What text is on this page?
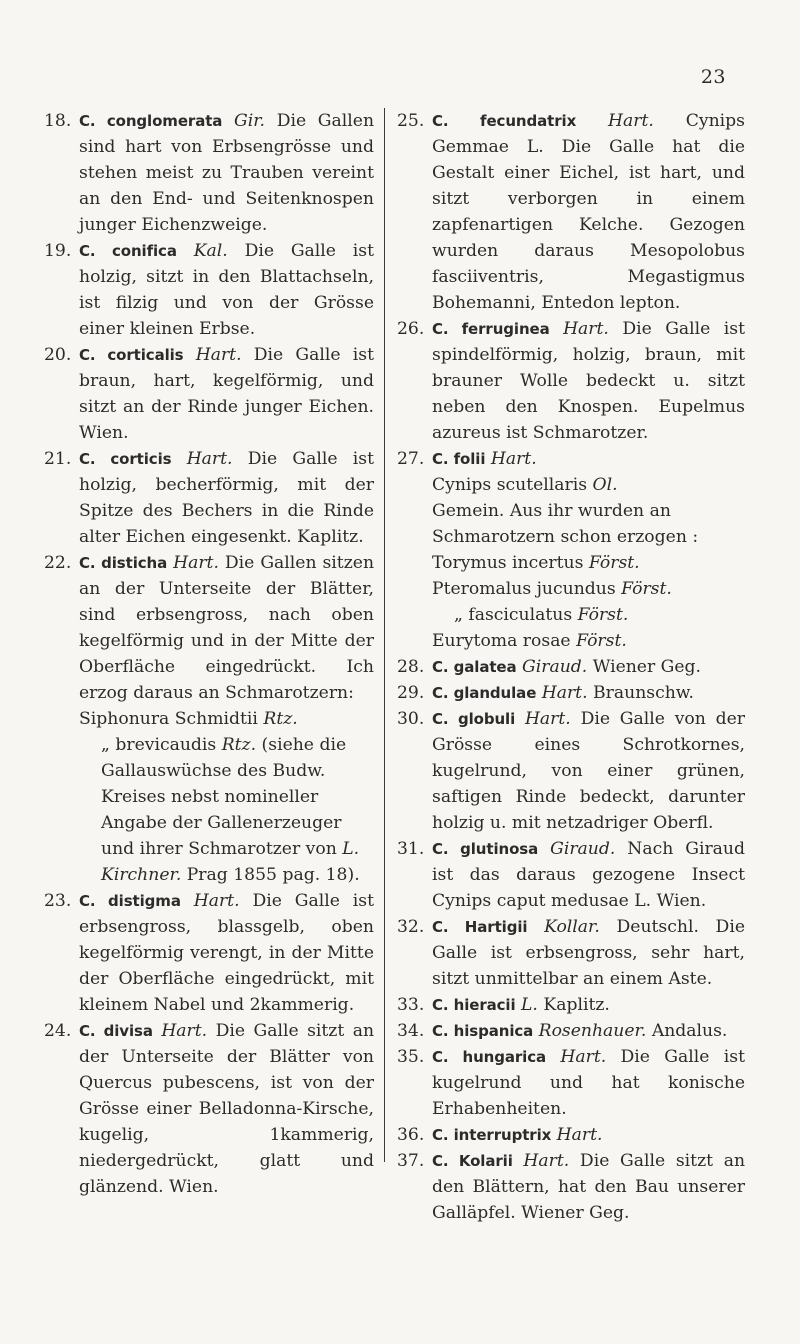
23

18. C. conglomerata Gir. Die Gallen sind hart von Erbsengrösse und stehen meist zu Trauben vereint an den End- und Seitenknospen junger Eichenzweige.

19. C. conifica Kal. Die Galle ist holzig, sitzt in den Blattachseln, ist filzig und von der Grösse einer kleinen Erbse.

20. C. corticalis Hart. Die Galle ist braun, hart, kegelförmig, und sitzt an der Rinde junger Eichen. Wien.

21. C. corticis Hart. Die Galle ist holzig, becherförmig, mit der Spitze des Bechers in die Rinde alter Eichen eingesenkt. Kaplitz.

22. C. disticha Hart. Die Gallen sitzen an der Unterseite der Blätter, sind erbsengross, nach oben kegelförmig und in der Mitte der Oberfläche eingedrückt. Ich erzog daraus an Schmarotzern:
Siphonura Schmidtii Rtz.
„ brevicaudis Rtz. (siehe die Gallauswüchse des Budw. Kreises nebst nomineller Angabe der Gallenerzeuger und ihrer Schmarotzer von L. Kirchner. Prag 1855 pag. 18).

23. C. distigma Hart. Die Galle ist erbsengross, blassgelb, oben kegelförmig verengt, in der Mitte der Oberfläche eingedrückt, mit kleinem Nabel und 2kammerig.

24. C. divisa Hart. Die Galle sitzt an der Unterseite der Blätter von Quercus pubescens, ist von der Grösse einer Belladonna-Kirsche, kugelig, 1kammerig, niedergedrückt, glatt und glänzend. Wien.

25. C. fecundatrix Hart. Cynips Gemmae L. Die Galle hat die Gestalt einer Eichel, ist hart, und sitzt verborgen in einem zapfenartigen Kelche. Gezogen wurden daraus Mesopolobus fasciiventris, Megastigmus Bohemanni, Entedon lepton.

26. C. ferruginea Hart. Die Galle ist spindelförmig, holzig, braun, mit brauner Wolle bedeckt u. sitzt neben den Knospen. Eupelmus azureus ist Schmarotzer.

27. C. folii Hart.
Cynips scutellaris Ol.
Gemein. Aus ihr wurden an Schmarotzern schon erzogen :
Torymus incertus Först.
Pteromalus jucundus Först.
„ fasciculatus Först.
Eurytoma rosae Först.

28. C. galatea Giraud. Wiener Geg.

29. C. glandulae Hart. Braunschw.

30. C. globuli Hart. Die Galle von der Grösse eines Schrotkornes, kugelrund, von einer grünen, saftigen Rinde bedeckt, darunter holzig u. mit netzadriger Oberfl.

31. C. glutinosa Giraud. Nach Giraud ist das daraus gezogene Insect Cynips caput medusae L. Wien.

32. C. Hartigii Kollar. Deutschl. Die Galle ist erbsengross, sehr hart, sitzt unmittelbar an einem Aste.

33. C. hieracii L. Kaplitz.

34. C. hispanica Rosenhauer. Andalus.

35. C. hungarica Hart. Die Galle ist kugelrund und hat konische Erhabenheiten.

36. C. interruptrix Hart.

37. C. Kolarii Hart. Die Galle sitzt an den Blättern, hat den Bau unserer Galläpfel. Wiener Geg.
